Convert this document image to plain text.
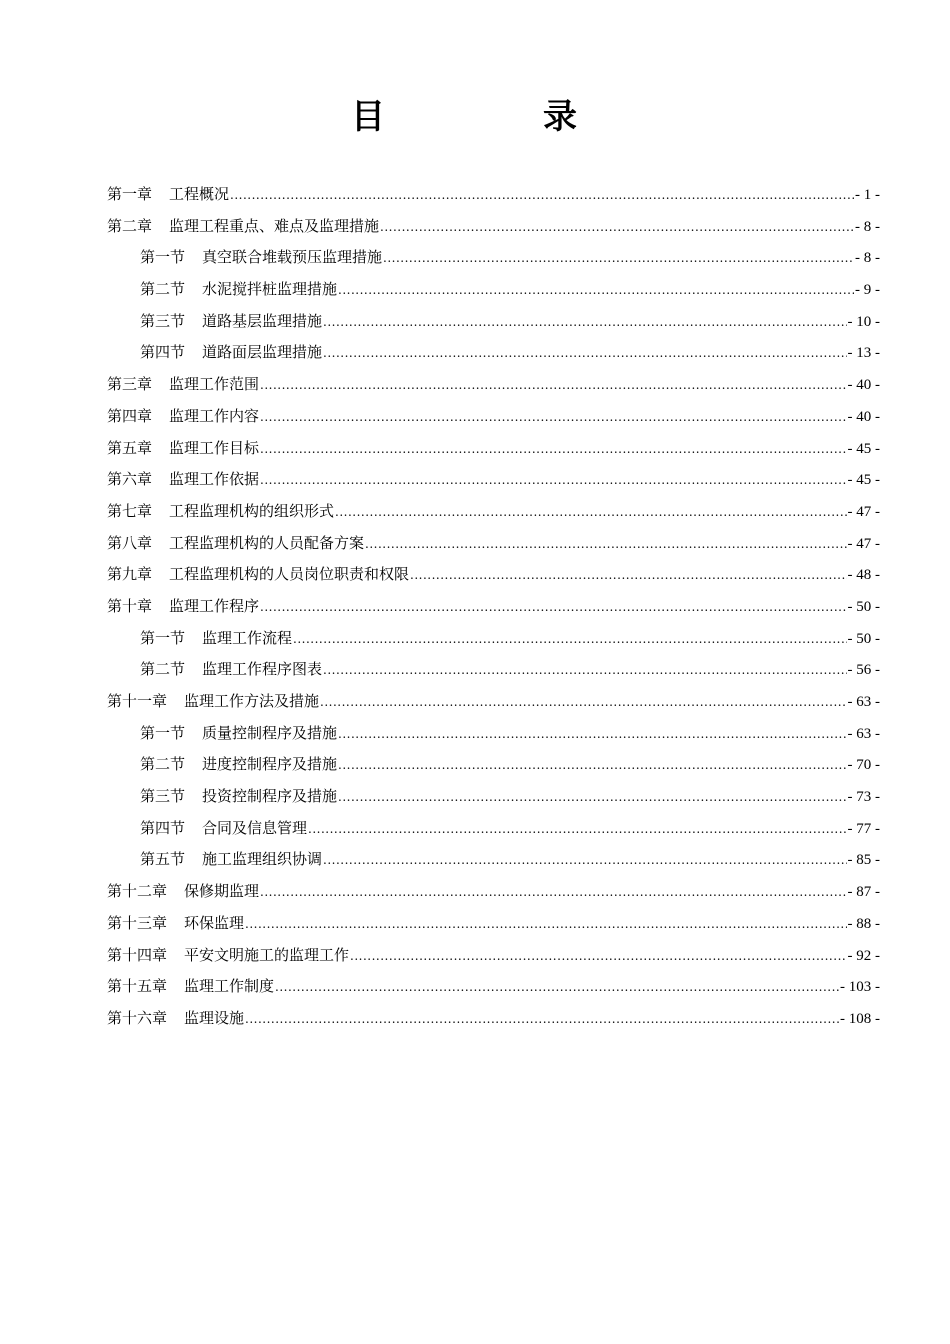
目　录
第一章 工程概况 .....	- 1 -
第二章 监理工程重点、难点及监理措施 .....	- 8 -
第一节 真空联合堆载预压监理措施 .....	- 8 -
第二节 水泥搅拌桩监理措施 .....	- 9 -
第三节 道路基层监理措施 .....	- 10 -
第四节 道路面层监理措施 .....	- 13 -
第三章 监理工作范围 .....	- 40 -
第四章 监理工作内容 .....	- 40 -
第五章 监理工作目标 .....	- 45 -
第六章 监理工作依据 .....	- 45 -
第七章 工程监理机构的组织形式 .....	- 47 -
第八章 工程监理机构的人员配备方案 .....	- 47 -
第九章 工程监理机构的人员岗位职责和权限 .....	- 48 -
第十章 监理工作程序 .....	- 50 -
第一节 监理工作流程 .....	- 50 -
第二节 监理工作程序图表 .....	- 56 -
第十一章 监理工作方法及措施 .....	- 63 -
第一节 质量控制程序及措施 .....	- 63 -
第二节 进度控制程序及措施 .....	- 70 -
第三节 投资控制程序及措施 .....	- 73 -
第四节 合同及信息管理 .....	- 77 -
第五节 施工监理组织协调 .....	- 85 -
第十二章 保修期监理 .....	- 87 -
第十三章 环保监理 .....	- 88 -
第十四章 平安文明施工的监理工作 .....	- 92 -
第十五章 监理工作制度 .....	- 103 -
第十六章 监理设施 .....	- 108 -
